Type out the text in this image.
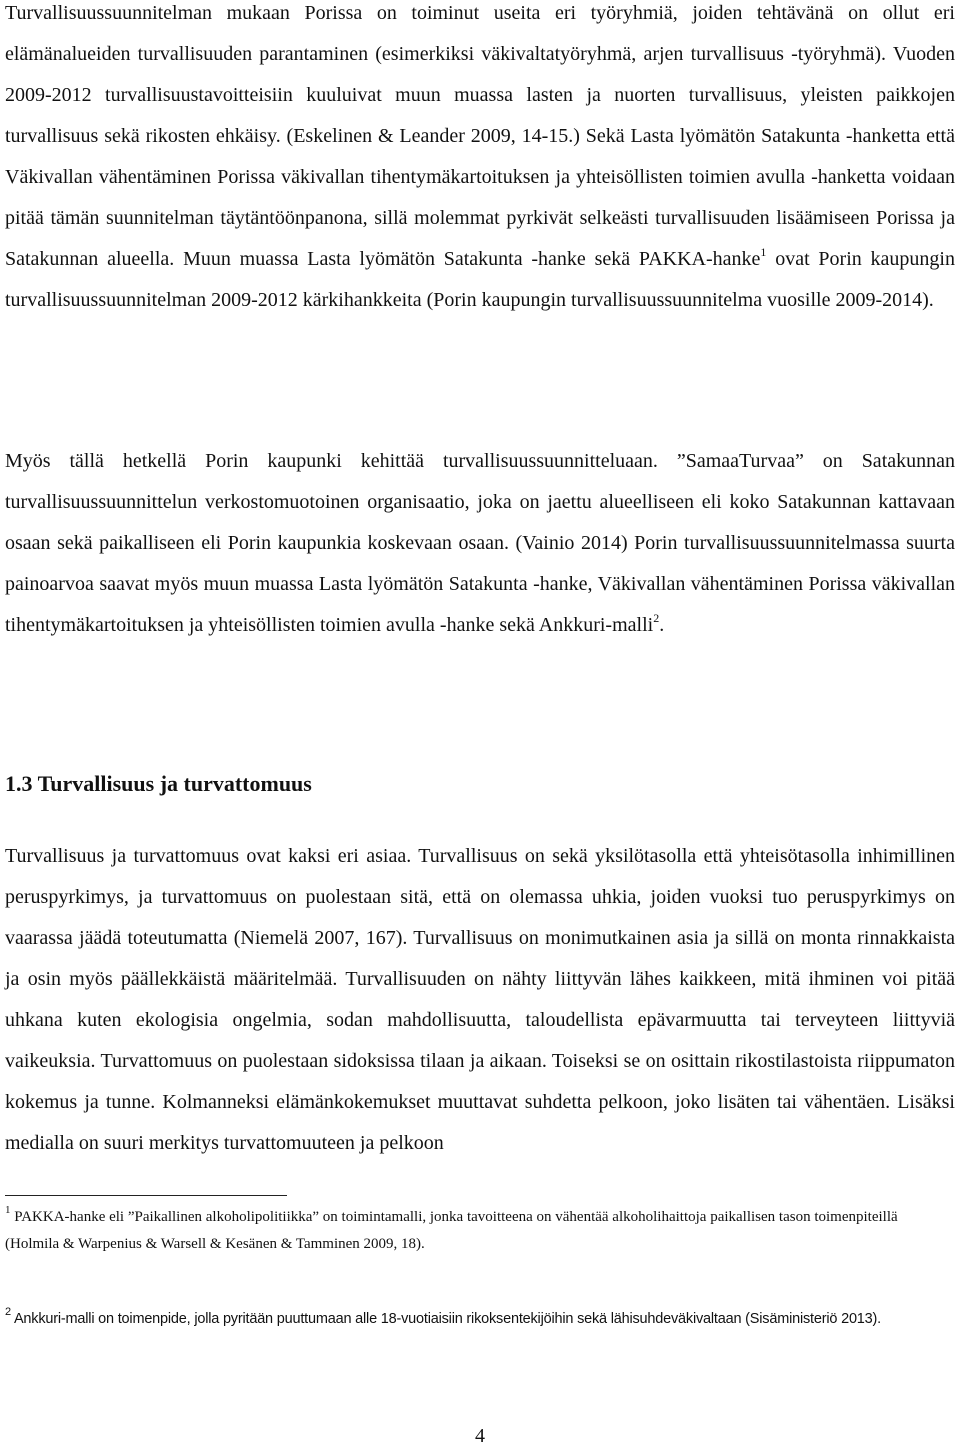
Turvallisuussuunnitelman mukaan Porissa on toiminut useita eri työryhmiä, joiden tehtävänä on ollut eri elämänalueiden turvallisuuden parantaminen (esimerkiksi väkivaltatyöryhmä, arjen turvallisuus -työryhmä). Vuoden 2009-2012 turvallisuustavoitteisiin kuuluivat muun muassa lasten ja nuorten turvallisuus, yleisten paikkojen turvallisuus sekä rikosten ehkäisy. (Eskelinen & Leander 2009, 14-15.) Sekä Lasta lyömätön Satakunta -hanketta että Väkivallan vähentäminen Porissa väkivallan tihentymäkartoituksen ja yhteisöllisten toimien avulla -hanketta voidaan pitää tämän suunnitelman täytäntöönpanona, sillä molemmat pyrkivät selkeästi turvallisuuden lisäämiseen Porissa ja Satakunnan alueella. Muun muassa Lasta lyömätön Satakunta -hanke sekä PAKKA-hanke$^1$ ovat Porin kaupungin turvallisuussuunnitelman 2009-2012 kärkihankkeita (Porin kaupungin turvallisuussuunnitelma vuosille 2009-2014).

Myös tällä hetkellä Porin kaupunki kehittää turvallisuussuunnitteluaan. ”SamaaTurvaa” on Satakunnan turvallisuussuunnittelun verkostomuotoinen organisaatio, joka on jaettu alueelliseen eli koko Satakunnan kattavaan osaan sekä paikalliseen eli Porin kaupunkia koskevaan osaan. (Vainio 2014) Porin turvallisuussuunnitelmassa suurta painoarvoa saavat myös muun muassa Lasta lyömätön Satakunta -hanke, Väkivallan vähentäminen Porissa väkivallan tihentymäkartoituksen ja yhteisöllisten toimien avulla -hanke sekä Ankkuri-malli$^2$.

1.3 Turvallisuus ja turvattomuus

Turvallisuus ja turvattomuus ovat kaksi eri asiaa. Turvallisuus on sekä yksilötasolla että yhteisötasolla inhimillinen peruspyrkimys, ja turvattomuus on puolestaan sitä, että on olemassa uhkia, joiden vuoksi tuo peruspyrkimys on vaarassa jäädä toteutumatta (Niemelä 2007, 167). Turvallisuus on monimutkainen asia ja sillä on monta rinnakkaista ja osin myös päällekkäistä määritelmää. Turvallisuuden on nähty liittyvän lähes kaikkeen, mitä ihminen voi pitää uhkana kuten ekologisia ongelmia, sodan mahdollisuutta, taloudellista epävarmuutta tai terveyteen liittyviä vaikeuksia. Turvattomuus on puolestaan sidoksissa tilaan ja aikaan. Toiseksi se on osittain rikostilastoista riippumaton kokemus ja tunne. Kolmanneksi elämänkokemukset muuttavat suhdetta pelkoon, joko lisäten tai vähentäen. Lisäksi medialla on suuri merkitys turvattomuuteen ja pelkoon

$^1$ PAKKA-hanke eli ”Paikallinen alkoholipolitiikka” on toimintamalli, jonka tavoitteena on vähentää alkoholihaittoja paikallisen tason toimenpiteillä (Holmila & Warpenius & Warsell & Kesänen & Tamminen 2009, 18).

$^2$ Ankkuri-malli on toimenpide, jolla pyritään puuttumaan alle 18-vuotiaisiin rikoksentekijöihin sekä lähisuhdeväkivaltaan (Sisäministeriö 2013).

4
